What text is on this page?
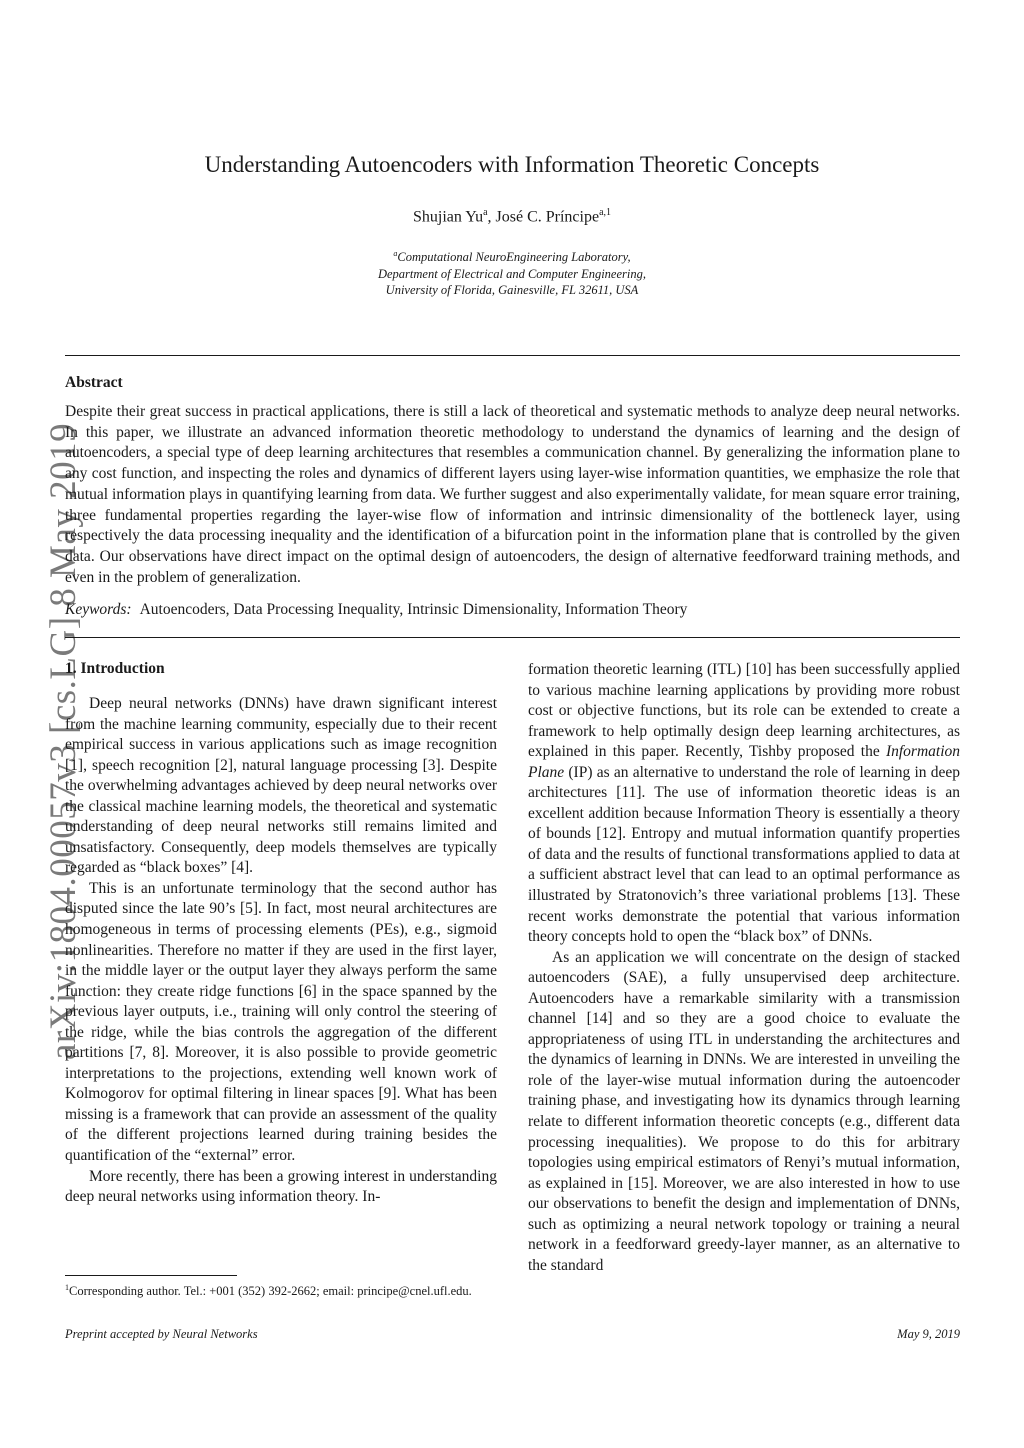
arXiv:1804.00057v3 [cs.LG] 8 May 2019
Understanding Autoencoders with Information Theoretic Concepts
Shujian Yu$^a$, José C. Príncipe$^{a,1}$
$^a$Computational NeuroEngineering Laboratory,
Department of Electrical and Computer Engineering,
University of Florida, Gainesville, FL 32611, USA
Abstract
Despite their great success in practical applications, there is still a lack of theoretical and systematic methods to analyze deep neural networks. In this paper, we illustrate an advanced information theoretic methodology to understand the dynamics of learning and the design of autoencoders, a special type of deep learning architectures that resembles a communication channel. By generalizing the information plane to any cost function, and inspecting the roles and dynamics of different layers using layer-wise information quantities, we emphasize the role that mutual information plays in quantifying learning from data. We further suggest and also experimentally validate, for mean square error training, three fundamental properties regarding the layer-wise flow of information and intrinsic dimensionality of the bottleneck layer, using respectively the data processing inequality and the identification of a bifurcation point in the information plane that is controlled by the given data. Our observations have direct impact on the optimal design of autoencoders, the design of alternative feedforward training methods, and even in the problem of generalization.
Keywords: Autoencoders, Data Processing Inequality, Intrinsic Dimensionality, Information Theory
1. Introduction

Deep neural networks (DNNs) have drawn significant interest from the machine learning community, especially due to their recent empirical success in various applications such as image recognition [1], speech recognition [2], natural language processing [3]. Despite the overwhelming advantages achieved by deep neural networks over the classical machine learning models, the theoretical and systematic understanding of deep neural networks still remains limited and unsatisfactory. Consequently, deep models themselves are typically regarded as “black boxes” [4].

This is an unfortunate terminology that the second author has disputed since the late 90’s [5]. In fact, most neural architectures are homogeneous in terms of processing elements (PEs), e.g., sigmoid nonlinearities. Therefore no matter if they are used in the first layer, in the middle layer or the output layer they always perform the same function: they create ridge functions [6] in the space spanned by the previous layer outputs, i.e., training will only control the steering of the ridge, while the bias controls the aggregation of the different partitions [7, 8]. Moreover, it is also possible to provide geometric interpretations to the projections, extending well known work of Kolmogorov for optimal filtering in linear spaces [9]. What has been missing is a framework that can provide an assessment of the quality of the different projections learned during training besides the quantification of the “external” error.

More recently, there has been a growing interest in understanding deep neural networks using information theory. In-

formation theoretic learning (ITL) [10] has been successfully applied to various machine learning applications by providing more robust cost or objective functions, but its role can be extended to create a framework to help optimally design deep learning architectures, as explained in this paper. Recently, Tishby proposed the Information Plane (IP) as an alternative to understand the role of learning in deep architectures [11]. The use of information theoretic ideas is an excellent addition because Information Theory is essentially a theory of bounds [12]. Entropy and mutual information quantify properties of data and the results of functional transformations applied to data at a sufficient abstract level that can lead to an optimal performance as illustrated by Stratonovich’s three variational problems [13]. These recent works demonstrate the potential that various information theory concepts hold to open the “black box” of DNNs.

As an application we will concentrate on the design of stacked autoencoders (SAE), a fully unsupervised deep architecture. Autoencoders have a remarkable similarity with a transmission channel [14] and so they are a good choice to evaluate the appropriateness of using ITL in understanding the architectures and the dynamics of learning in DNNs. We are interested in unveiling the role of the layer-wise mutual information during the autoencoder training phase, and investigating how its dynamics through learning relate to different information theoretic concepts (e.g., different data processing inequalities). We propose to do this for arbitrary topologies using empirical estimators of Renyi’s mutual information, as explained in [15]. Moreover, we are also interested in how to use our observations to benefit the design and implementation of DNNs, such as optimizing a neural network topology or training a neural network in a feedforward greedy-layer manner, as an alternative to the standard

$^1$Corresponding author. Tel.: +001 (352) 392-2662; email: principe@cnel.ufl.edu.
Preprint accepted by Neural Networks	May 9, 2019
